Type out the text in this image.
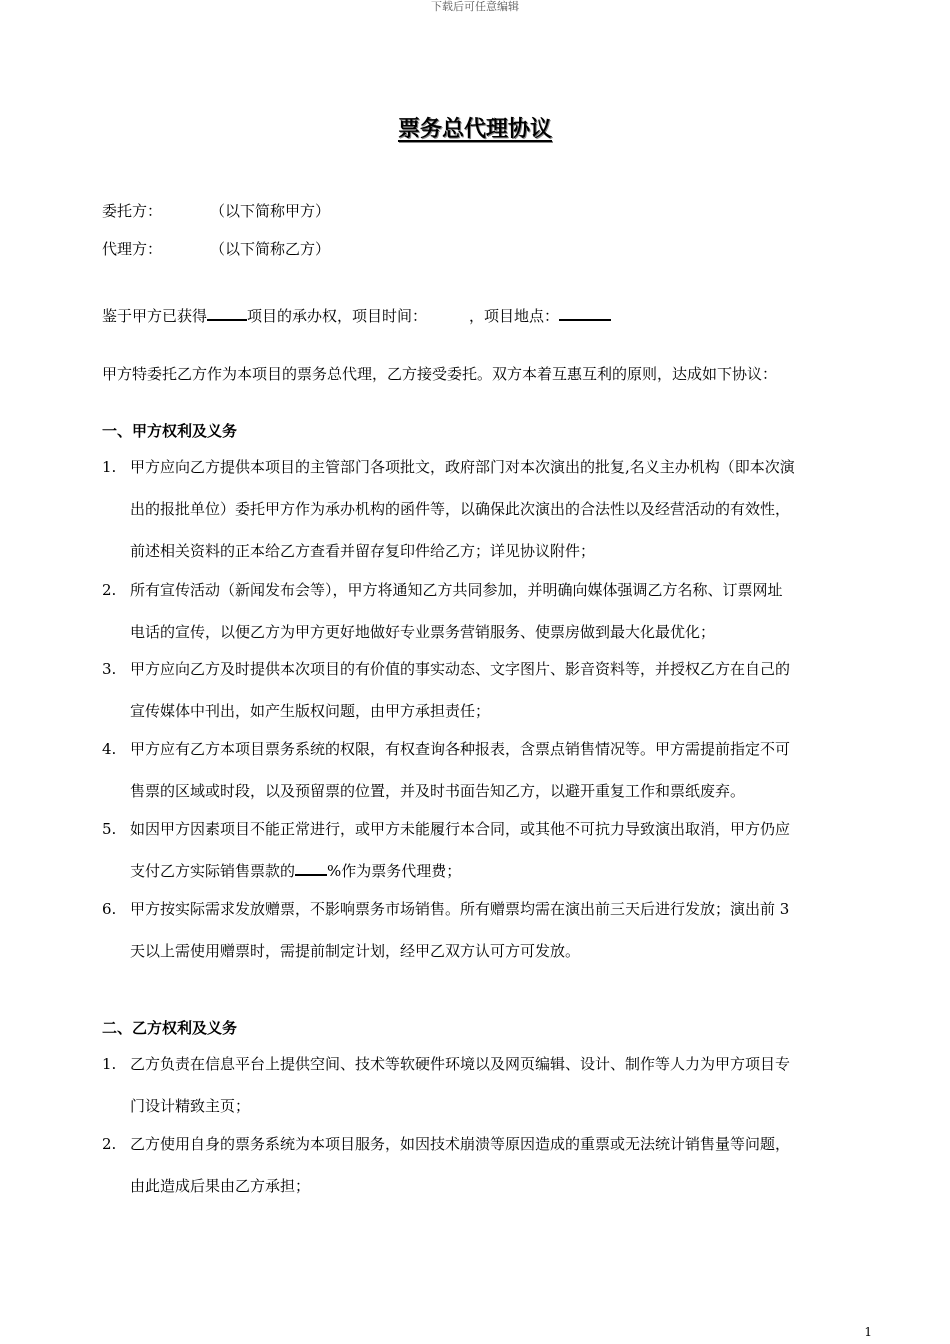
下载后可任意编辑
票务总代理协议
委托方：	（以下简称甲方）
代理方：	（以下简称乙方）
鉴于甲方已获得	项目的承办权，项目时间：	，项目地点：
甲方特委托乙方作为本项目的票务总代理，乙方接受委托。双方本着互惠互利的原则，达成如下协议：
一、甲方权利及义务
1. 甲方应向乙方提供本项目的主管部门各项批文，政府部门对本次演出的批复,名义主办机构（即本次演
出的报批单位）委托甲方作为承办机构的函件等，以确保此次演出的合法性以及经营活动的有效性，
前述相关资料的正本给乙方查看并留存复印件给乙方；详见协议附件；
2. 所有宣传活动（新闻发布会等），甲方将通知乙方共同参加，并明确向媒体强调乙方名称、订票网址
电话的宣传，以便乙方为甲方更好地做好专业票务营销服务、使票房做到最大化最优化；
3. 甲方应向乙方及时提供本次项目的有价值的事实动态、文字图片、影音资料等，并授权乙方在自己的
宣传媒体中刊出，如产生版权问题，由甲方承担责任；
4. 甲方应有乙方本项目票务系统的权限，有权查询各种报表，含票点销售情况等。甲方需提前指定不可
售票的区域或时段，以及预留票的位置，并及时书面告知乙方，以避开重复工作和票纸废弃。
5. 如因甲方因素项目不能正常进行，或甲方未能履行本合同，或其他不可抗力导致演出取消，甲方仍应
支付乙方实际销售票款的 %作为票务代理费；
6. 甲方按实际需求发放赠票，不影响票务市场销售。所有赠票均需在演出前三天后进行发放；演出前 3
天以上需使用赠票时，需提前制定计划，经甲乙双方认可方可发放。
二、乙方权利及义务
1. 乙方负责在信息平台上提供空间、技术等软硬件环境以及网页编辑、设计、制作等人力为甲方项目专
门设计精致主页；
2. 乙方使用自身的票务系统为本项目服务，如因技术崩溃等原因造成的重票或无法统计销售量等问题，
由此造成后果由乙方承担；
1
